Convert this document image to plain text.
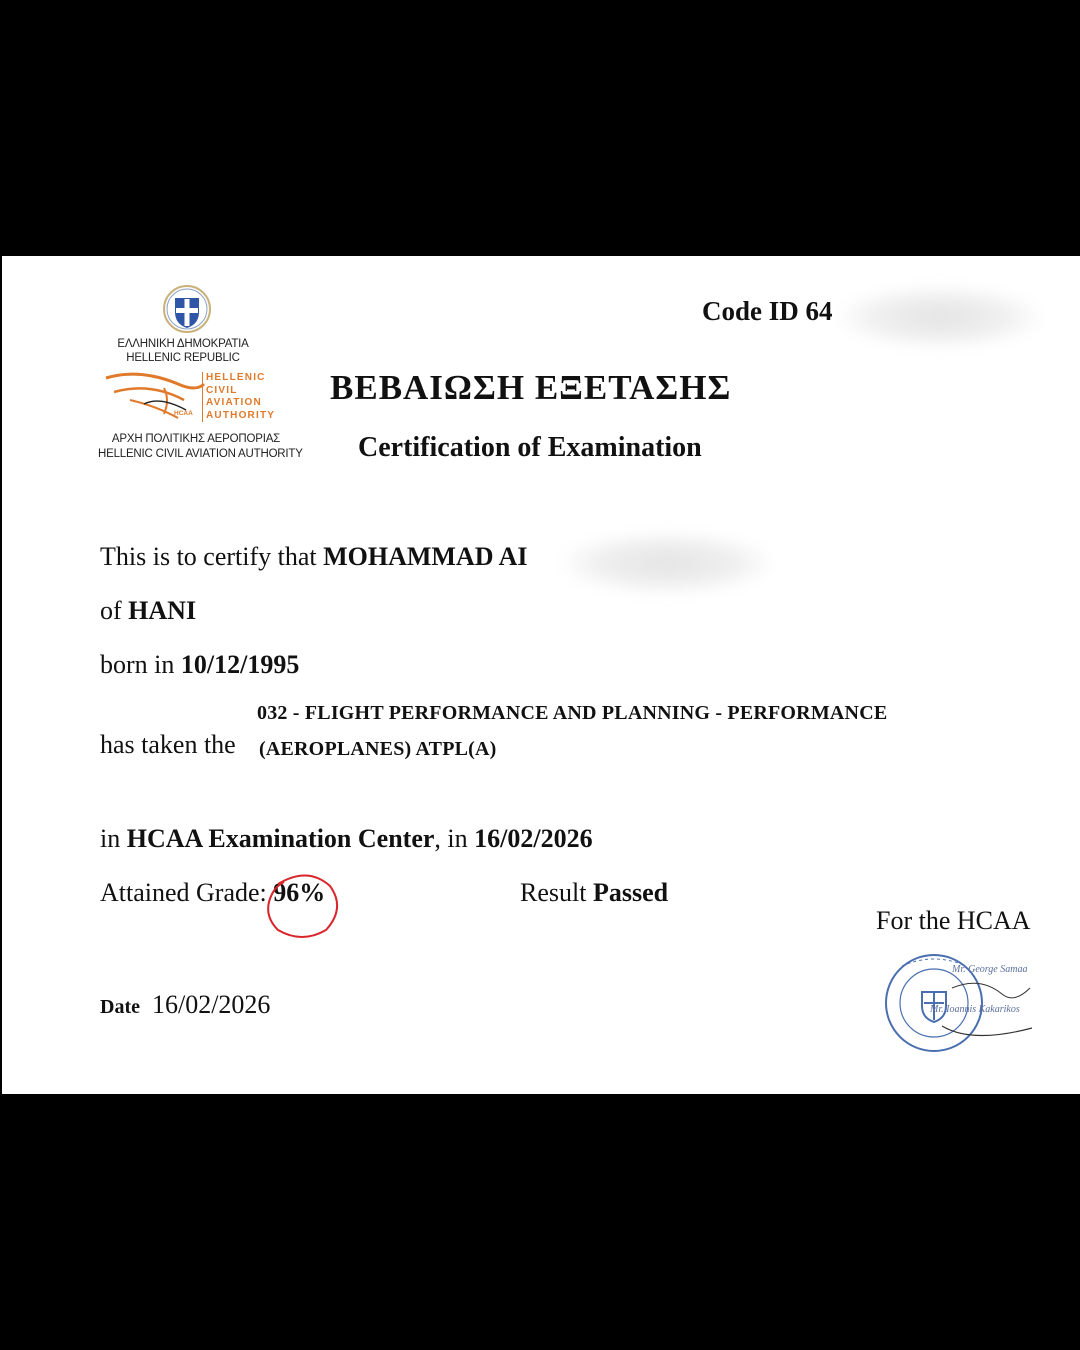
ΕΛΛΗΝΙΚΗ ΔΗΜΟΚΡΑΤΙΑ
HELLENIC REPUBLIC
HELLENIC
CIVIL
AVIATION
AUTHORITY
HCAA
ΑΡΧΗ ΠΟΛΙΤΙΚΗΣ ΑΕΡΟΠΟΡΙΑΣ
HELLENIC CIVIL AVIATION AUTHORITY
Code ID 64
ΒΕΒΑΙΩΣΗ ΕΞΕΤΑΣΗΣ
Certification of Examination
This is to certify that MOHAMMAD AI
of HANI
born in 10/12/1995
032 - FLIGHT PERFORMANCE AND PLANNING - PERFORMANCE
has taken the (AEROPLANES) ATPL(A)
in HCAA Examination Center, in 16/02/2026
Attained Grade: 96%	Result Passed
For the HCAA
Date 16/02/2026
Mr. George Samaa
Mr. Ioannis Kakarikos
